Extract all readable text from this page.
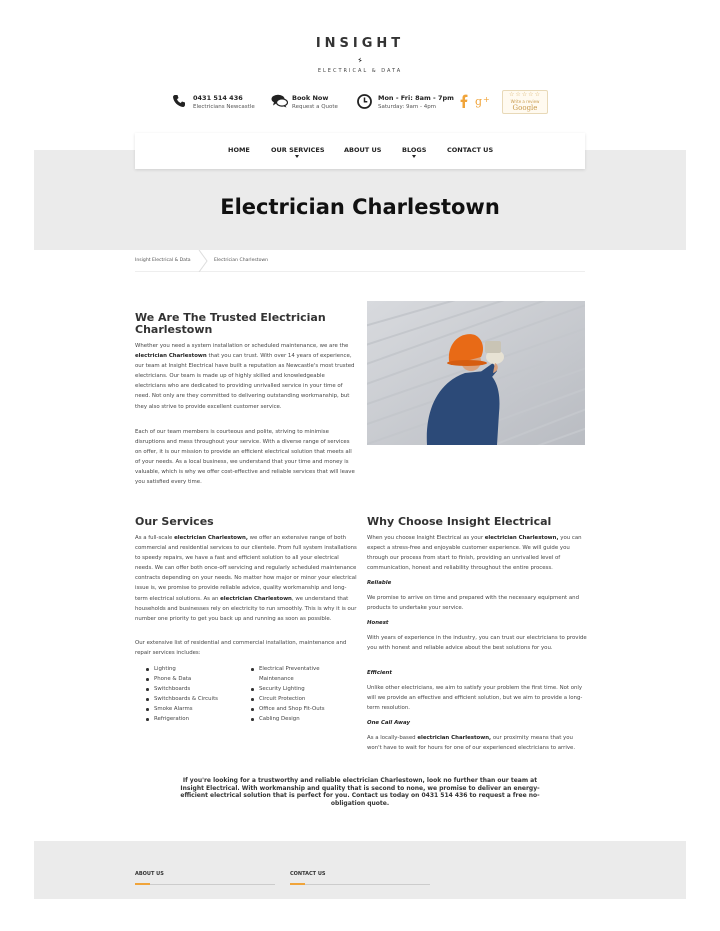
INSIGHT
ELECTRICAL & DATA
0431 514 436
Electricians Newcastle
Book Now
Request a Quote
Mon - Fri: 8am - 7pm
Saturday: 9am - 4pm	g +
☆☆☆☆☆
Write a review
Google
HOME	OUR SERVICES	ABOUT US	BLOGS	CONTACT US
Electrician Charlestown
Insight Electrical & Data	Electrician Charlestown
We Are The Trusted Electrician Charlestown
Whether you need a system installation or scheduled maintenance, we are the electrician Charlestown that you can trust. With over 14 years of experience, our team at Insight Electrical have built a reputation as Newcastle's most trusted electricians. Our team is made up of highly skilled and knowledgeable electricians who are dedicated to providing unrivalled service in your time of need. Not only are they committed to delivering outstanding workmanship, but they also strive to provide excellent customer service.
Each of our team members is courteous and polite, striving to minimise disruptions and mess throughout your service. With a diverse range of services on offer, it is our mission to provide an efficient electrical solution that meets all of your needs. As a local business, we understand that your time and money is valuable, which is why we offer cost-effective and reliable services that will leave you satisfied every time.
Our Services
As a full-scale electrician Charlestown, we offer an extensive range of both commercial and residential services to our clientele. From full system installations to speedy repairs, we have a fast and efficient solution to all your electrical needs. We can offer both once-off servicing and regularly scheduled maintenance contracts depending on your needs. No matter how major or minor your electrical issue is, we promise to provide reliable advice, quality workmanship and long-term electrical solutions. As an electrician Charlestown, we understand that households and businesses rely on electricity to run smoothly. This is why it is our number one priority to get you back up and running as soon as possible.
Our extensive list of residential and commercial installation, maintenance and repair services includes:
Lighting
Phone & Data
Switchboards
Switchboards & Circuits
Smoke Alarms
Refrigeration
Electrical Preventative Maintenance
Security Lighting
Circuit Protection
Office and Shop Fit-Outs
Cabling Design
Why Choose Insight Electrical
When you choose Insight Electrical as your electrician Charlestown, you can expect a stress-free and enjoyable customer experience. We will guide you through our process from start to finish, providing an unrivalled level of communication, honest and reliability throughout the entire process.
Reliable
We promise to arrive on time and prepared with the necessary equipment and products to undertake your service.
Honest
With years of experience in the industry, you can trust our electricians to provide you with honest and reliable advice about the best solutions for you.
Efficient
Unlike other electricians, we aim to satisfy your problem the first time. Not only will we provide an effective and efficient solution, but we aim to provide a long-term resolution.
One Call Away
As a locally-based electrician Charlestown, our proximity means that you won't have to wait for hours for one of our experienced electricians to arrive.
If you're looking for a trustworthy and reliable electrician Charlestown, look no further than our team at Insight Electrical. With workmanship and quality that is second to none, we promise to deliver an energy-efficient electrical solution that is perfect for you. Contact us today on 0431 514 436 to request a free no-obligation quote.
ABOUT US	CONTACT US
